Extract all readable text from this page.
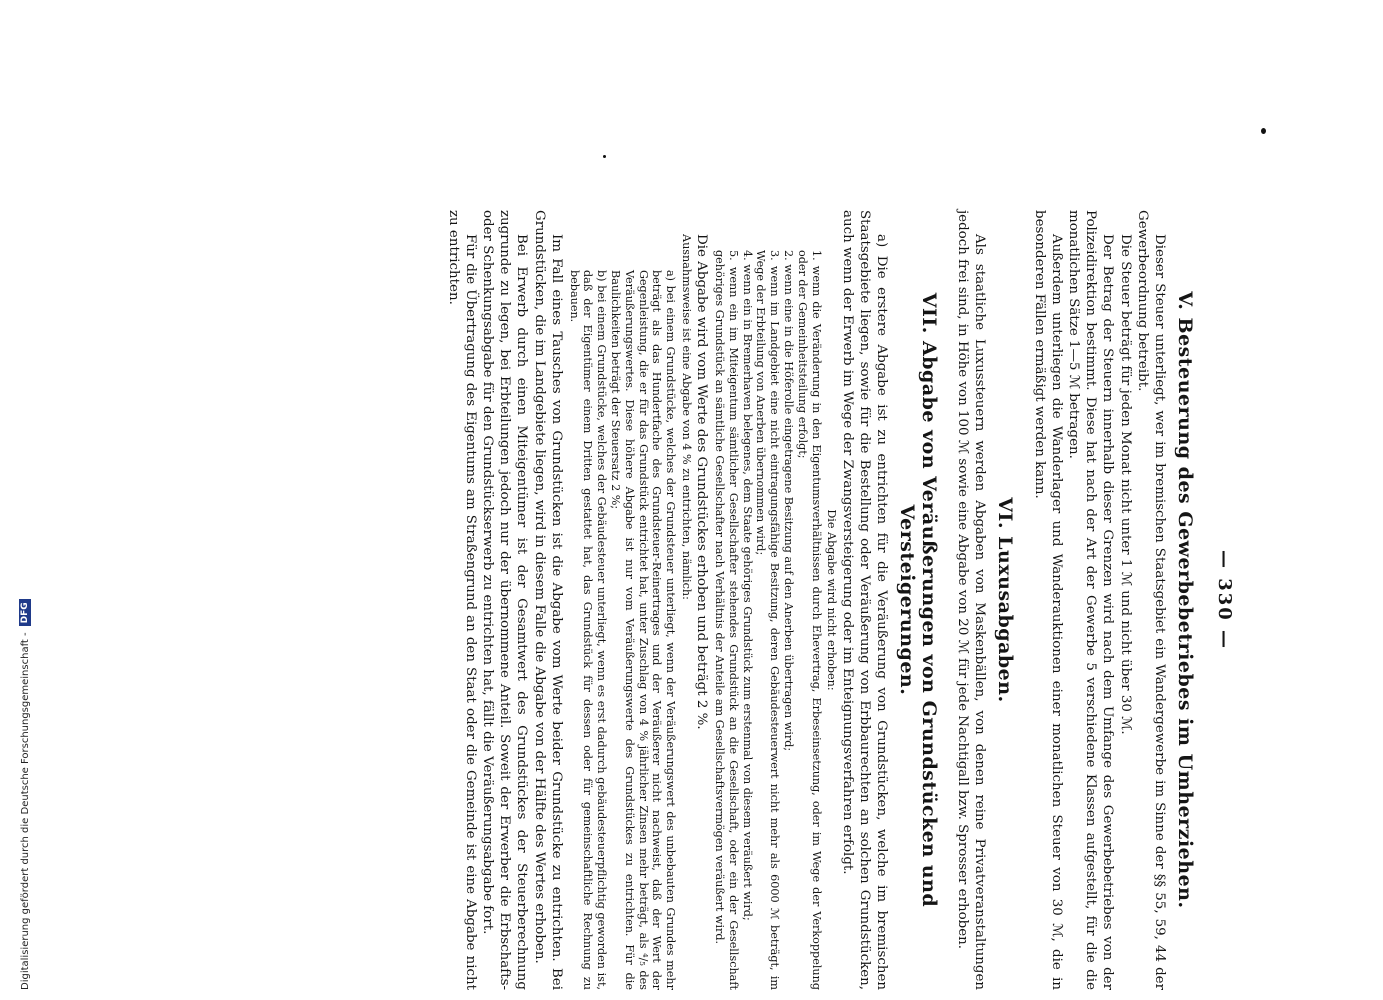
— 330 —
V. Besteuerung des Gewerbebetriebes im Umherziehen.

Dieser Steuer unterliegt, wer im bremischen Staatsgebiet ein Wandergewerbe im Sinne der §§ 55, 59, 44 der Gewerbeordnung betreibt.

Die Steuer beträgt für jeden Monat nicht unter 1 ℳ und nicht über 30 ℳ.

Der Betrag der Steuern innerhalb dieser Grenzen wird nach dem Umfange des Gewerbebetriebes von der Polizeidirektion bestimmt. Diese hat nach der Art der Gewerbe 5 verschiedene Klassen aufgestellt, für die die monatlichen Sätze 1—5 ℳ betragen.

Außerdem unterliegen die Wanderlager und Wanderauktionen einer monatlichen Steuer von 30 ℳ, die in besonderen Fällen ermäßigt werden kann.

VI. Luxusabgaben.

Als staatliche Luxussteuern werden Abgaben von Maskenbällen, von denen reine Privatveranstaltungen jedoch frei sind, in Höhe von 100 ℳ sowie eine Abgabe von 20 ℳ für jede Nachtigall bzw. Sprosser erhoben.

VII. Abgabe von Veräußerungen von Grundstücken und Versteigerungen.

a) Die erstere Abgabe ist zu entrichten für die Veräußerung von Grundstücken, welche im bremischen Staatsgebiete liegen, sowie für die Bestellung oder Veräußerung von Erbbaurechten an solchen Grundstücken, auch wenn der Erwerb im Wege der Zwangsversteigerung oder im Enteignungsverfahren erfolgt.

Die Abgabe wird nicht erhoben:

1. wenn die Veränderung in den Eigentumsverhältnissen durch Ehevertrag, Erbeseinsetzung, oder im Wege der Verkoppelung oder der Gemeinheitsteilung erfolgt;

2. wenn eine in die Höferolle eingetragene Besitzung auf den Anerben übertragen wird;

3. wenn im Landgebiet eine nicht eintragungsfähige Besitzung, deren Gebäudesteuerwert nicht mehr als 6000 ℳ beträgt, im Wege der Erbteilung von Anerben übernommen wird;

4. wenn ein in Bremerhaven belegenes, dem Staate gehöriges Grundstück zum erstenmal von diesem veräußert wird;

5. wenn ein im Miteigentum sämtlicher Gesellschafter stehendes Grundstück an die Gesellschaft, oder ein der Gesellschaft gehöriges Grundstück an sämtliche Gesellschafter nach Verhältnis der Anteile am Gesellschaftsvermögen veräußert wird.

Die Abgabe wird vom Werte des Grundstückes erhoben und beträgt 2 %.

Ausnahmsweise ist eine Abgabe von 4 % zu entrichten, nämlich:

a) bei einem Grundstücke, welches der Grundsteuer unterliegt, wenn der Veräußerungswert des unbebauten Grundes mehr beträgt als das Hundertfache des Grundsteuer-Reinertrages und der Veräußerer nicht nachweist, daß der Wert der Gegenleistung, die er für das Grundstück entrichtet hat, unter Zuschlag von 4 % jährlicher Zinsen mehr beträgt, als ⁴/₅ des Veräußerungswertes. Diese höhere Abgabe ist nur vom Veräußerungswerte des Grundstückes zu entrichten. Für die Baulichkeiten beträgt der Steuersatz 2 %;

b) bei einem Grundstücke, welches der Gebäudesteuer unterliegt, wenn es erst dadurch gebäudesteuerpflichtig geworden ist, daß der Eigentümer einem Dritten gestattet hat, das Grundstück für dessen oder für gemeinschaftliche Rechnung zu bebauen.

Im Fall eines Tausches von Grundstücken ist die Abgabe vom Werte beider Grundstücke zu entrichten. Bei Grundstücken, die im Landgebiete liegen, wird in diesem Falle die Abgabe von der Hälfte des Wertes erhoben.

Bei Erwerb durch einen Miteigentümer ist der Gesamtwert des Grundstückes der Steuerberechnung zugrunde zu legen, bei Erbteilungen jedoch nur der übernommene Anteil. Soweit der Erwerber die Erbschafts- oder Schenkungsabgabe für den Grundstückserwerb zu entrichten hat, fällt die Veräußerungsabgabe fort.

Für die Übertragung des Eigentums am Straßengrund an den Staat oder die Gemeinde ist eine Abgabe nicht zu entrichten.

Digitalisierung gefördert durch die Deutsche Forschungsgemeinschaft -
DFG
